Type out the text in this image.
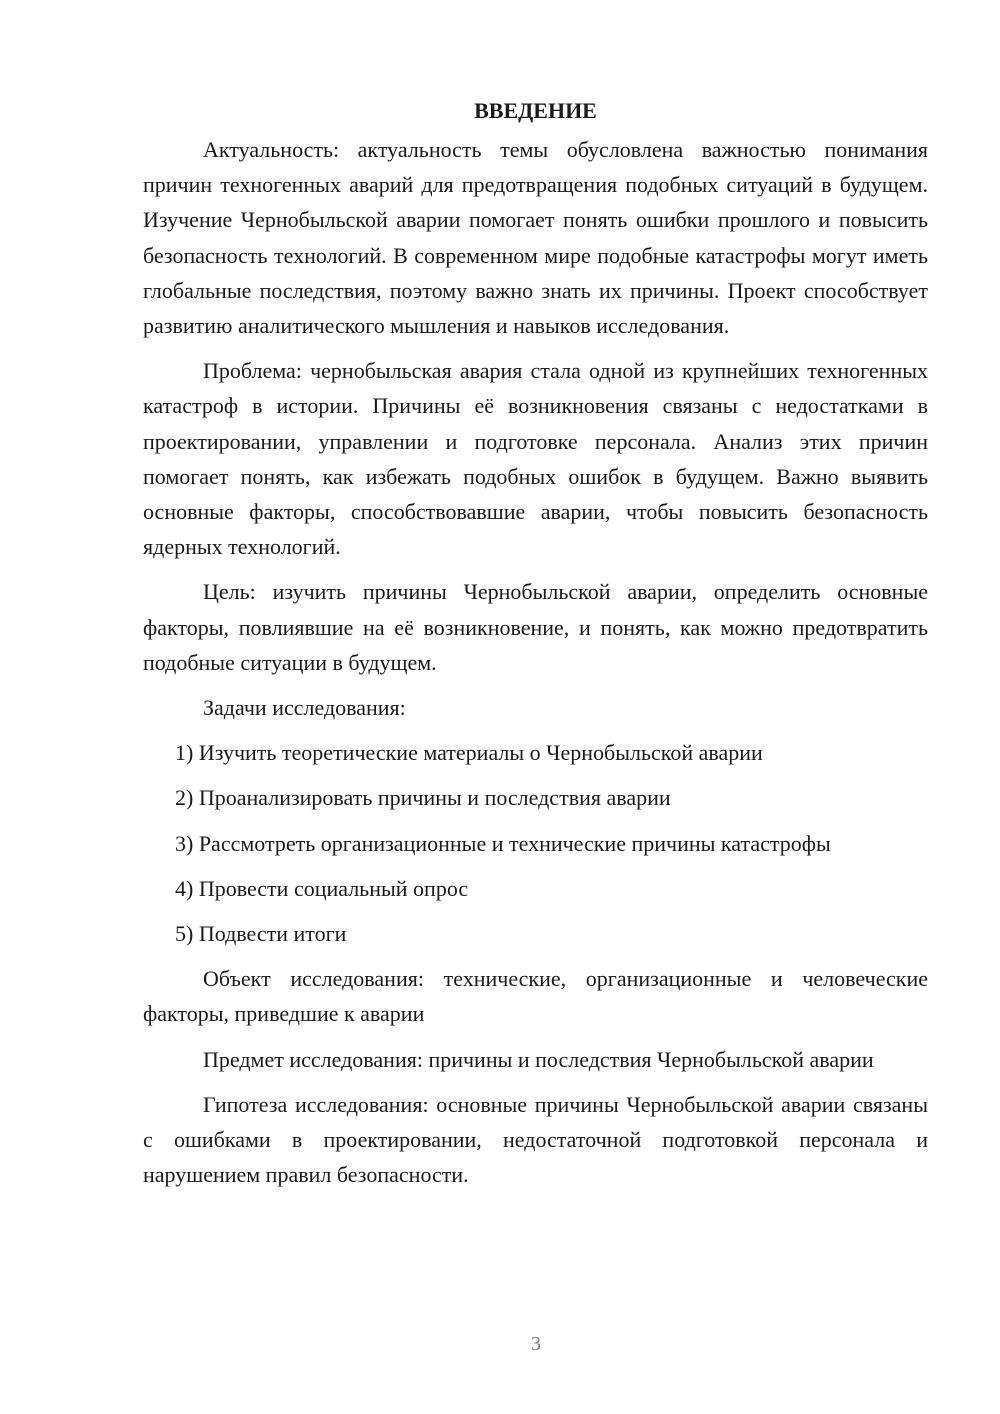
ВВЕДЕНИЕ

Актуальность: актуальность темы обусловлена важностью понимания причин техногенных аварий для предотвращения подобных ситуаций в будущем. Изучение Чернобыльской аварии помогает понять ошибки прошлого и повысить безопасность технологий. В современном мире подобные катастрофы могут иметь глобальные последствия, поэтому важно знать их причины. Проект способствует развитию аналитического мышления и навыков исследования.

Проблема: чернобыльская авария стала одной из крупнейших техногенных катастроф в истории. Причины её возникновения связаны с недостатками в проектировании, управлении и подготовке персонала. Анализ этих причин помогает понять, как избежать подобных ошибок в будущем. Важно выявить основные факторы, способствовавшие аварии, чтобы повысить безопасность ядерных технологий.

Цель: изучить причины Чернобыльской аварии, определить основные факторы, повлиявшие на её возникновение, и понять, как можно предотвратить подобные ситуации в будущем.

Задачи исследования:

1) Изучить теоретические материалы о Чернобыльской аварии
2) Проанализировать причины и последствия аварии
3) Рассмотреть организационные и технические причины катастрофы
4) Провести социальный опрос
5) Подвести итоги

Объект исследования: технические, организационные и человеческие факторы, приведшие к аварии

Предмет исследования: причины и последствия Чернобыльской аварии

Гипотеза исследования: основные причины Чернобыльской аварии связаны с ошибками в проектировании, недостаточной подготовкой персонала и нарушением правил безопасности.

3
